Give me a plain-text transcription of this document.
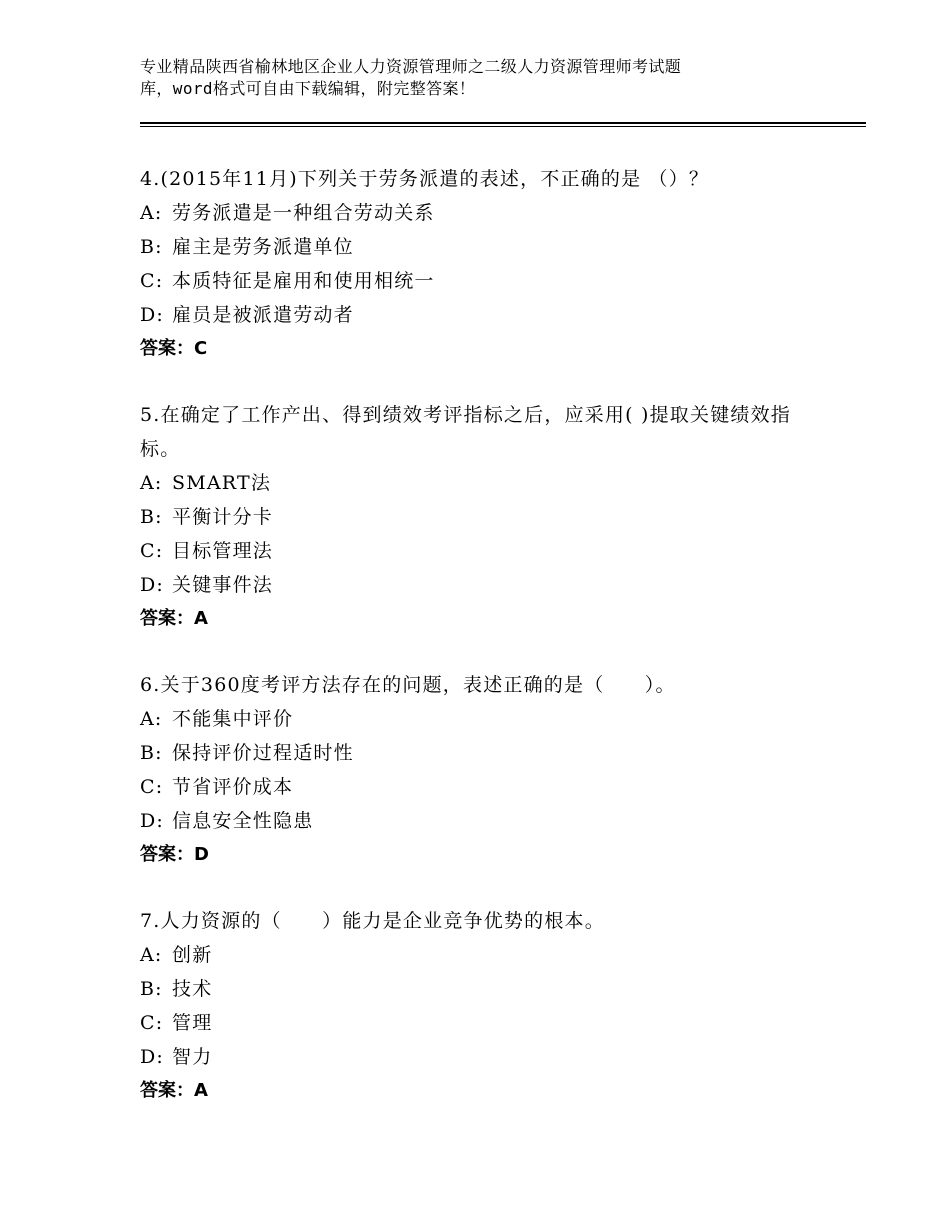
专业精品陕西省榆林地区企业人力资源管理师之二级人力资源管理师考试题
库，word格式可自由下载编辑，附完整答案！

4.(2015年11月)下列关于劳务派遣的表述，不正确的是 （）？

A: 劳务派遣是一种组合劳动关系

B: 雇主是劳务派遣单位

C: 本质特征是雇用和使用相统一

D: 雇员是被派遣劳动者

答案：C

5.在确定了工作产出、得到绩效考评指标之后，应采用( )提取关键绩效指标。

A: SMART法

B: 平衡计分卡

C: 目标管理法

D: 关键事件法

答案：A

6.关于360度考评方法存在的问题，表述正确的是（　　）。

A: 不能集中评价

B: 保持评价过程适时性

C: 节省评价成本

D: 信息安全性隐患

答案：D

7.人力资源的（　　）能力是企业竞争优势的根本。

A: 创新

B: 技术

C: 管理

D: 智力

答案：A
